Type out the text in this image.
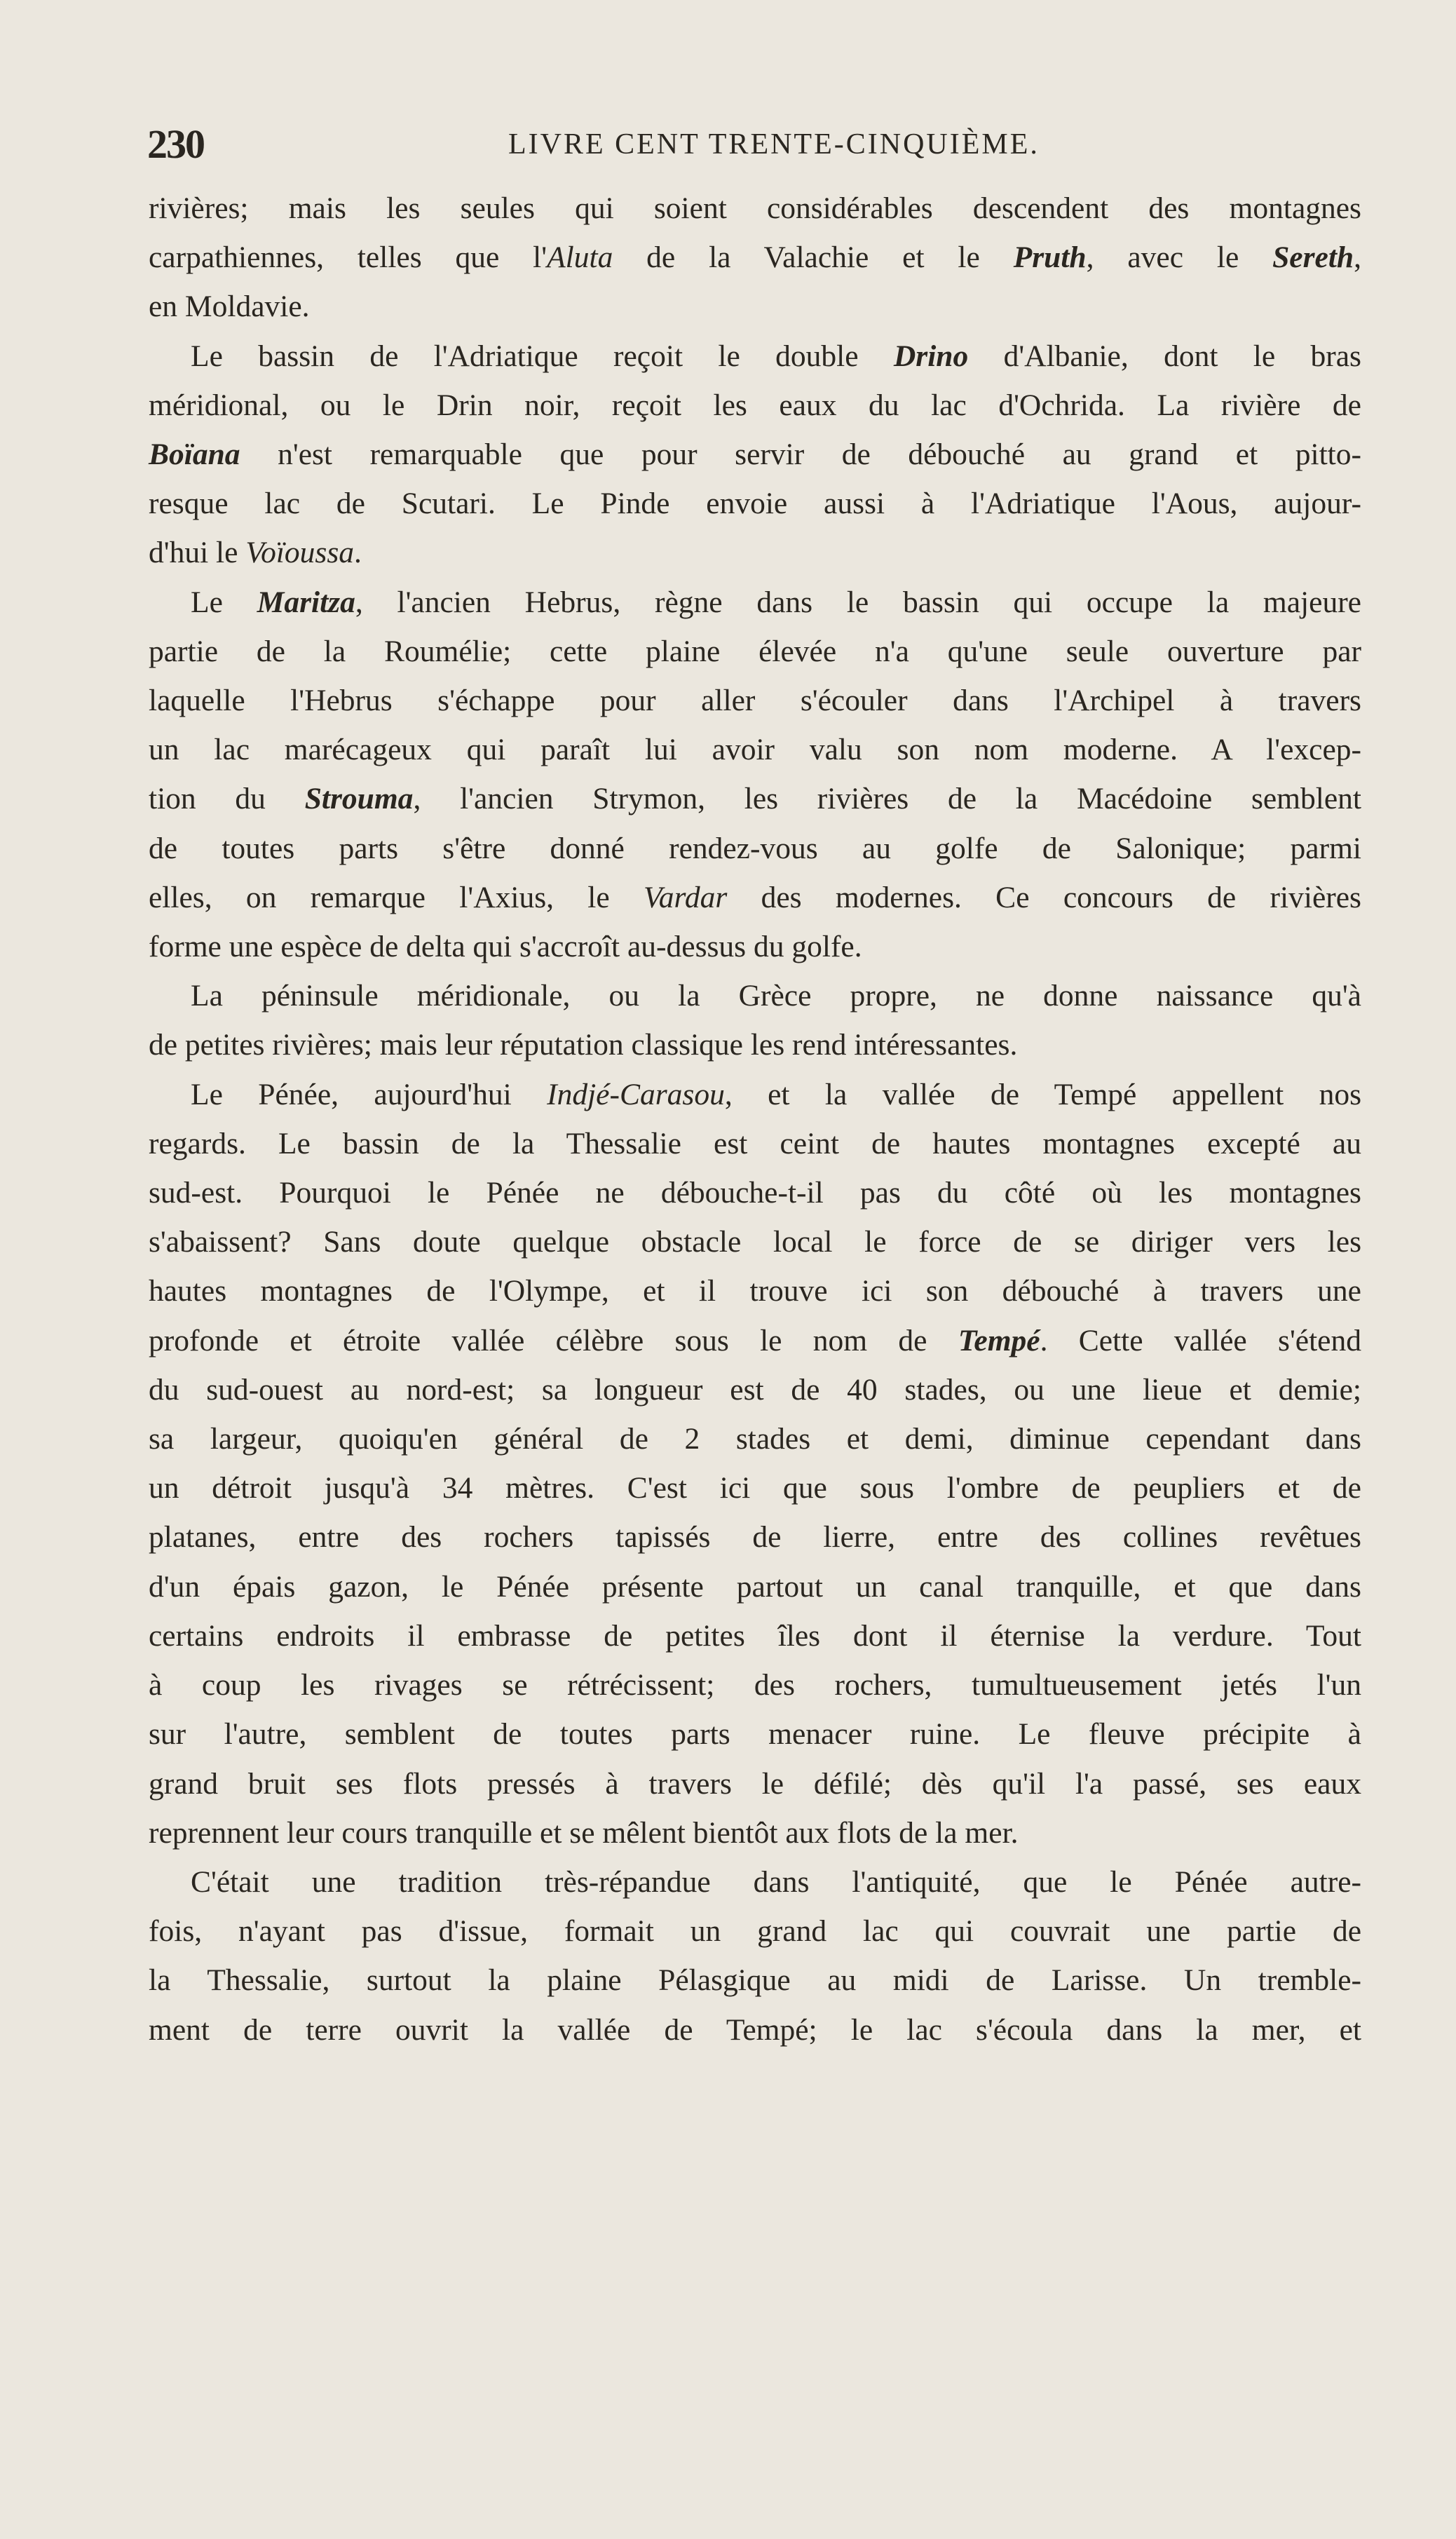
230	LIVRE CENT TRENTE-CINQUIÈME.

rivières; mais les seules qui soient considérables descendent des montagnes
carpathiennes, telles que l'Aluta de la Valachie et le Pruth, avec le Sereth,

en Moldavie.

Le bassin de l'Adriatique reçoit le double Drino d'Albanie, dont le bras
méridional, ou le Drin noir, reçoit les eaux du lac d'Ochrida. La rivière de
Boïana n'est remarquable que pour servir de débouché au grand et pitto-
resque lac de Scutari. Le Pinde envoie aussi à l'Adriatique l'Aous, aujour-

d'hui le Voïoussa.

Le Maritza, l'ancien Hebrus, règne dans le bassin qui occupe la majeure
partie de la Roumélie; cette plaine élevée n'a qu'une seule ouverture par
laquelle l'Hebrus s'échappe pour aller s'écouler dans l'Archipel à travers
un lac marécageux qui paraît lui avoir valu son nom moderne. A l'excep-
tion du Strouma, l'ancien Strymon, les rivières de la Macédoine semblent
de toutes parts s'être donné rendez-vous au golfe de Salonique; parmi
elles, on remarque l'Axius, le Vardar des modernes. Ce concours de rivières

forme une espèce de delta qui s'accroît au-dessus du golfe.

La péninsule méridionale, ou la Grèce propre, ne donne naissance qu'à

de petites rivières; mais leur réputation classique les rend intéressantes.

Le Pénée, aujourd'hui Indjé-Carasou, et la vallée de Tempé appellent nos
regards. Le bassin de la Thessalie est ceint de hautes montagnes excepté au
sud-est. Pourquoi le Pénée ne débouche-t-il pas du côté où les montagnes
s'abaissent? Sans doute quelque obstacle local le force de se diriger vers les
hautes montagnes de l'Olympe, et il trouve ici son débouché à travers une
profonde et étroite vallée célèbre sous le nom de Tempé. Cette vallée s'étend
du sud-ouest au nord-est; sa longueur est de 40 stades, ou une lieue et demie;
sa largeur, quoiqu'en général de 2 stades et demi, diminue cependant dans
un détroit jusqu'à 34 mètres. C'est ici que sous l'ombre de peupliers et de
platanes, entre des rochers tapissés de lierre, entre des collines revêtues
d'un épais gazon, le Pénée présente partout un canal tranquille, et que dans
certains endroits il embrasse de petites îles dont il éternise la verdure. Tout
à coup les rivages se rétrécissent; des rochers, tumultueusement jetés l'un
sur l'autre, semblent de toutes parts menacer ruine. Le fleuve précipite à
grand bruit ses flots pressés à travers le défilé; dès qu'il l'a passé, ses eaux

reprennent leur cours tranquille et se mêlent bientôt aux flots de la mer.

C'était une tradition très-répandue dans l'antiquité, que le Pénée autre-
fois, n'ayant pas d'issue, formait un grand lac qui couvrait une partie de
la Thessalie, surtout la plaine Pélasgique au midi de Larisse. Un tremble-
ment de terre ouvrit la vallée de Tempé; le lac s'écoula dans la mer, et
